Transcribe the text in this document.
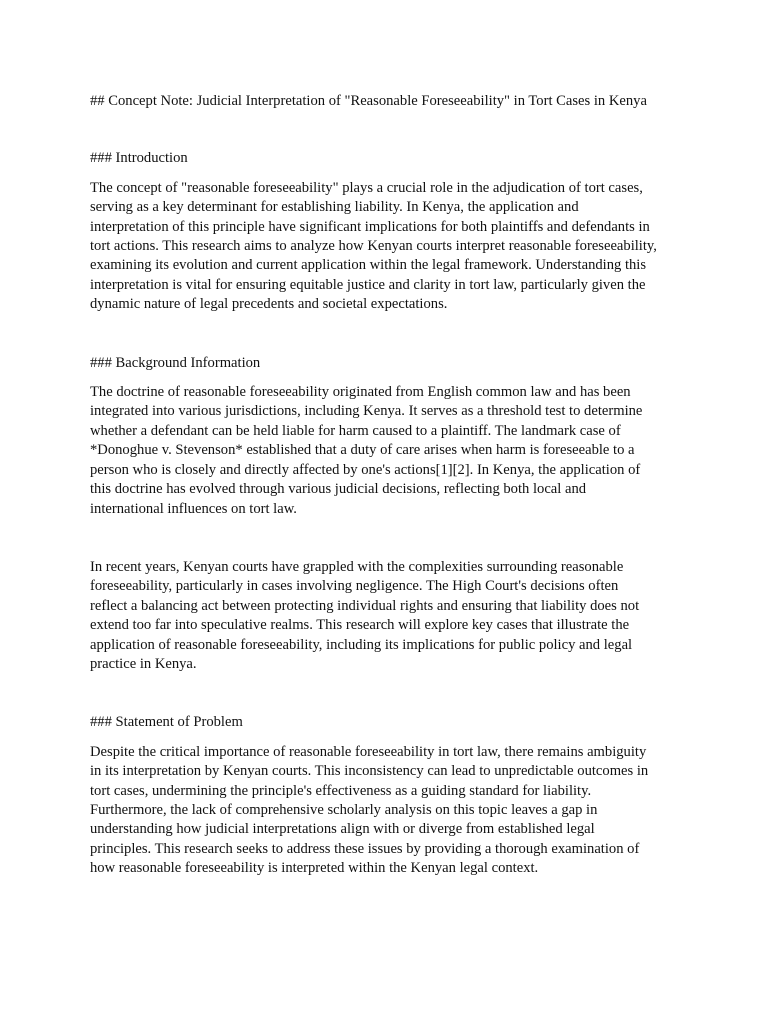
## Concept Note: Judicial Interpretation of "Reasonable Foreseeability" in Tort Cases in Kenya
### Introduction
The concept of "reasonable foreseeability" plays a crucial role in the adjudication of tort cases,
serving as a key determinant for establishing liability. In Kenya, the application and
interpretation of this principle have significant implications for both plaintiffs and defendants in
tort actions. This research aims to analyze how Kenyan courts interpret reasonable foreseeability,
examining its evolution and current application within the legal framework. Understanding this
interpretation is vital for ensuring equitable justice and clarity in tort law, particularly given the
dynamic nature of legal precedents and societal expectations.
### Background Information
The doctrine of reasonable foreseeability originated from English common law and has been
integrated into various jurisdictions, including Kenya. It serves as a threshold test to determine
whether a defendant can be held liable for harm caused to a plaintiff. The landmark case of
*Donoghue v. Stevenson* established that a duty of care arises when harm is foreseeable to a
person who is closely and directly affected by one's actions[1][2]. In Kenya, the application of
this doctrine has evolved through various judicial decisions, reflecting both local and
international influences on tort law.
In recent years, Kenyan courts have grappled with the complexities surrounding reasonable
foreseeability, particularly in cases involving negligence. The High Court's decisions often
reflect a balancing act between protecting individual rights and ensuring that liability does not
extend too far into speculative realms. This research will explore key cases that illustrate the
application of reasonable foreseeability, including its implications for public policy and legal
practice in Kenya.
### Statement of Problem
Despite the critical importance of reasonable foreseeability in tort law, there remains ambiguity
in its interpretation by Kenyan courts. This inconsistency can lead to unpredictable outcomes in
tort cases, undermining the principle's effectiveness as a guiding standard for liability.
Furthermore, the lack of comprehensive scholarly analysis on this topic leaves a gap in
understanding how judicial interpretations align with or diverge from established legal
principles. This research seeks to address these issues by providing a thorough examination of
how reasonable foreseeability is interpreted within the Kenyan legal context.
